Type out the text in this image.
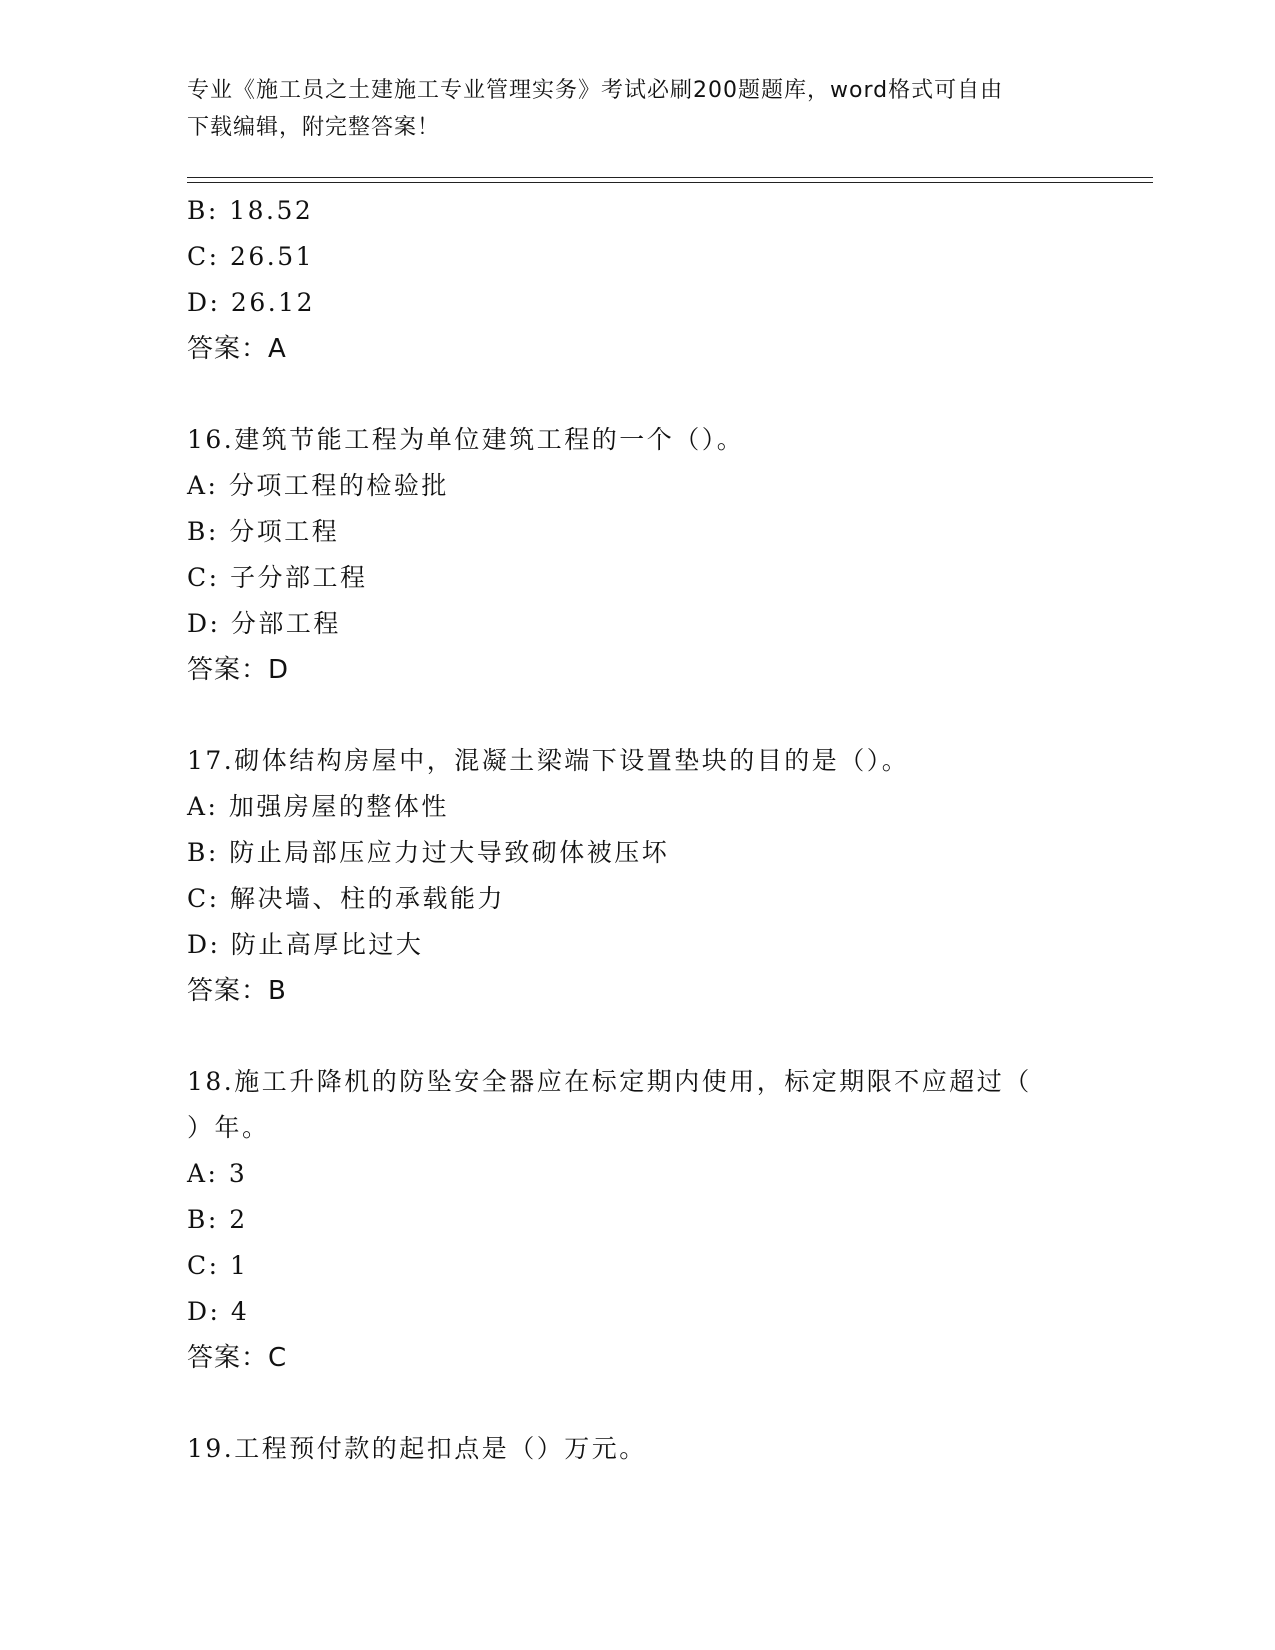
专业《施工员之土建施工专业管理实务》考试必刷200题题库，word格式可自由
下载编辑，附完整答案！
B: 18.52
C: 26.51
D: 26.12
答案：A
16.建筑节能工程为单位建筑工程的一个（）。
A: 分项工程的检验批
B: 分项工程
C: 子分部工程
D: 分部工程
答案：D
17.砌体结构房屋中，混凝土梁端下设置垫块的目的是（）。
A: 加强房屋的整体性
B: 防止局部压应力过大导致砌体被压坏
C: 解决墙、柱的承载能力
D: 防止高厚比过大
答案：B
18.施工升降机的防坠安全器应在标定期内使用，标定期限不应超过（
）年。
A: 3
B: 2
C: 1
D: 4
答案：C
19.工程预付款的起扣点是（）万元。
